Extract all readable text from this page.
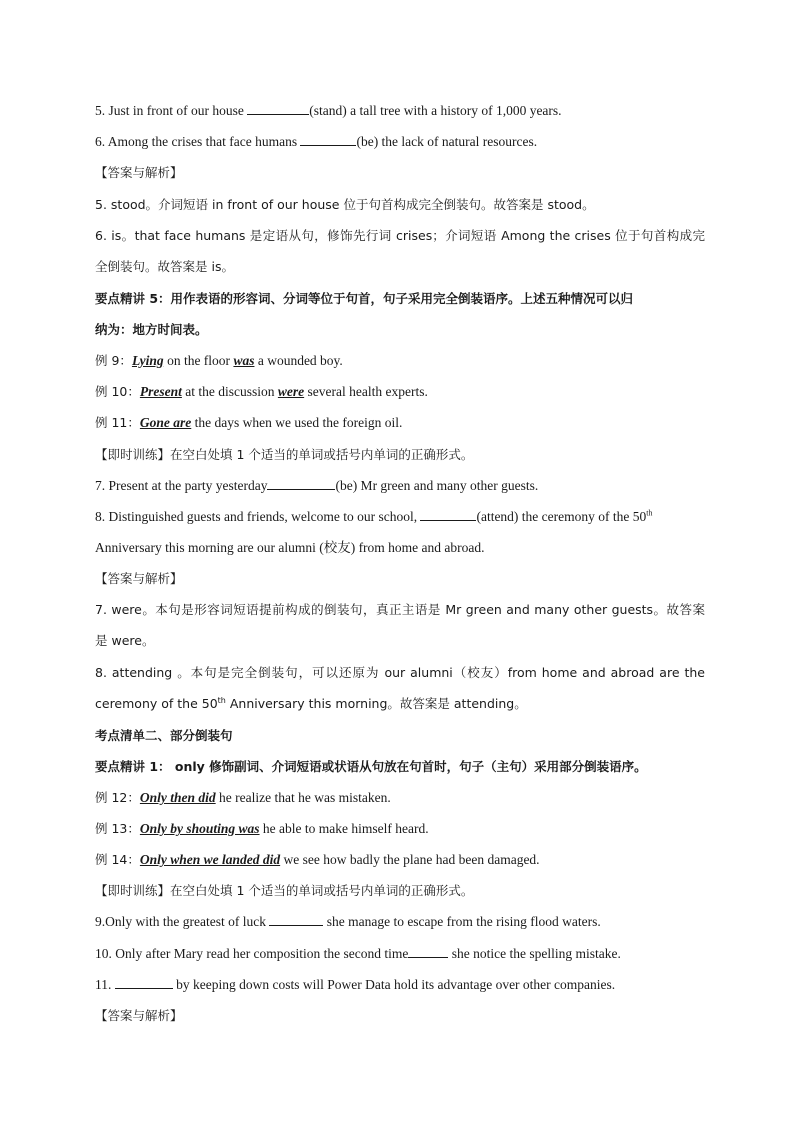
5. Just in front of our house	(stand) a tall tree with a history of 1,000 years.
6. Among the crises that face humans	(be) the lack of natural resources.
【答案与解析】
5. stood。介词短语 in front of our house 位于句首构成完全倒装句。故答案是 stood。
6. is。that face humans 是定语从句，修饰先行词 crises；介词短语 Among the crises 位于句首构成完
全倒装句。故答案是 is。
要点精讲 5：用作表语的形容词、分词等位于句首，句子采用完全倒装语序。上述五种情况可以归
纳为：地方时间表。
例 9：Lying on the floor was a wounded boy.
例 10：Present at the discussion were several health experts.
例 11：Gone are the days when we used the foreign oil.
【即时训练】在空白处填 1 个适当的单词或括号内单词的正确形式。
7. Present at the party yesterday	(be) Mr green and many other guests.
8. Distinguished guests and friends, welcome to our school,	(attend) the ceremony of the 50th
Anniversary this morning are our alumni (校友) from home and abroad.
【答案与解析】
7. were。本句是形容词短语提前构成的倒装句，真正主语是 Mr green and many other guests。故答案
是 were。
8. attending 。本句是完全倒装句，可以还原为 our alumni（校友）from home and abroad are the
ceremony of the 50th Anniversary this morning。故答案是 attending。
考点清单二、部分倒装句
要点精讲 1： only 修饰副词、介词短语或状语从句放在句首时，句子（主句）采用部分倒装语序。
例 12：Only then did he realize that he was mistaken.
例 13：Only by shouting was he able to make himself heard.
例 14：Only when we landed did we see how badly the plane had been damaged.
【即时训练】在空白处填 1 个适当的单词或括号内单词的正确形式。
9.Only with the greatest of luck	she manage to escape from the rising flood waters.
10. Only after Mary read her composition the second time	she notice the spelling mistake.
11.	by keeping down costs will Power Data hold its advantage over other companies.
【答案与解析】
